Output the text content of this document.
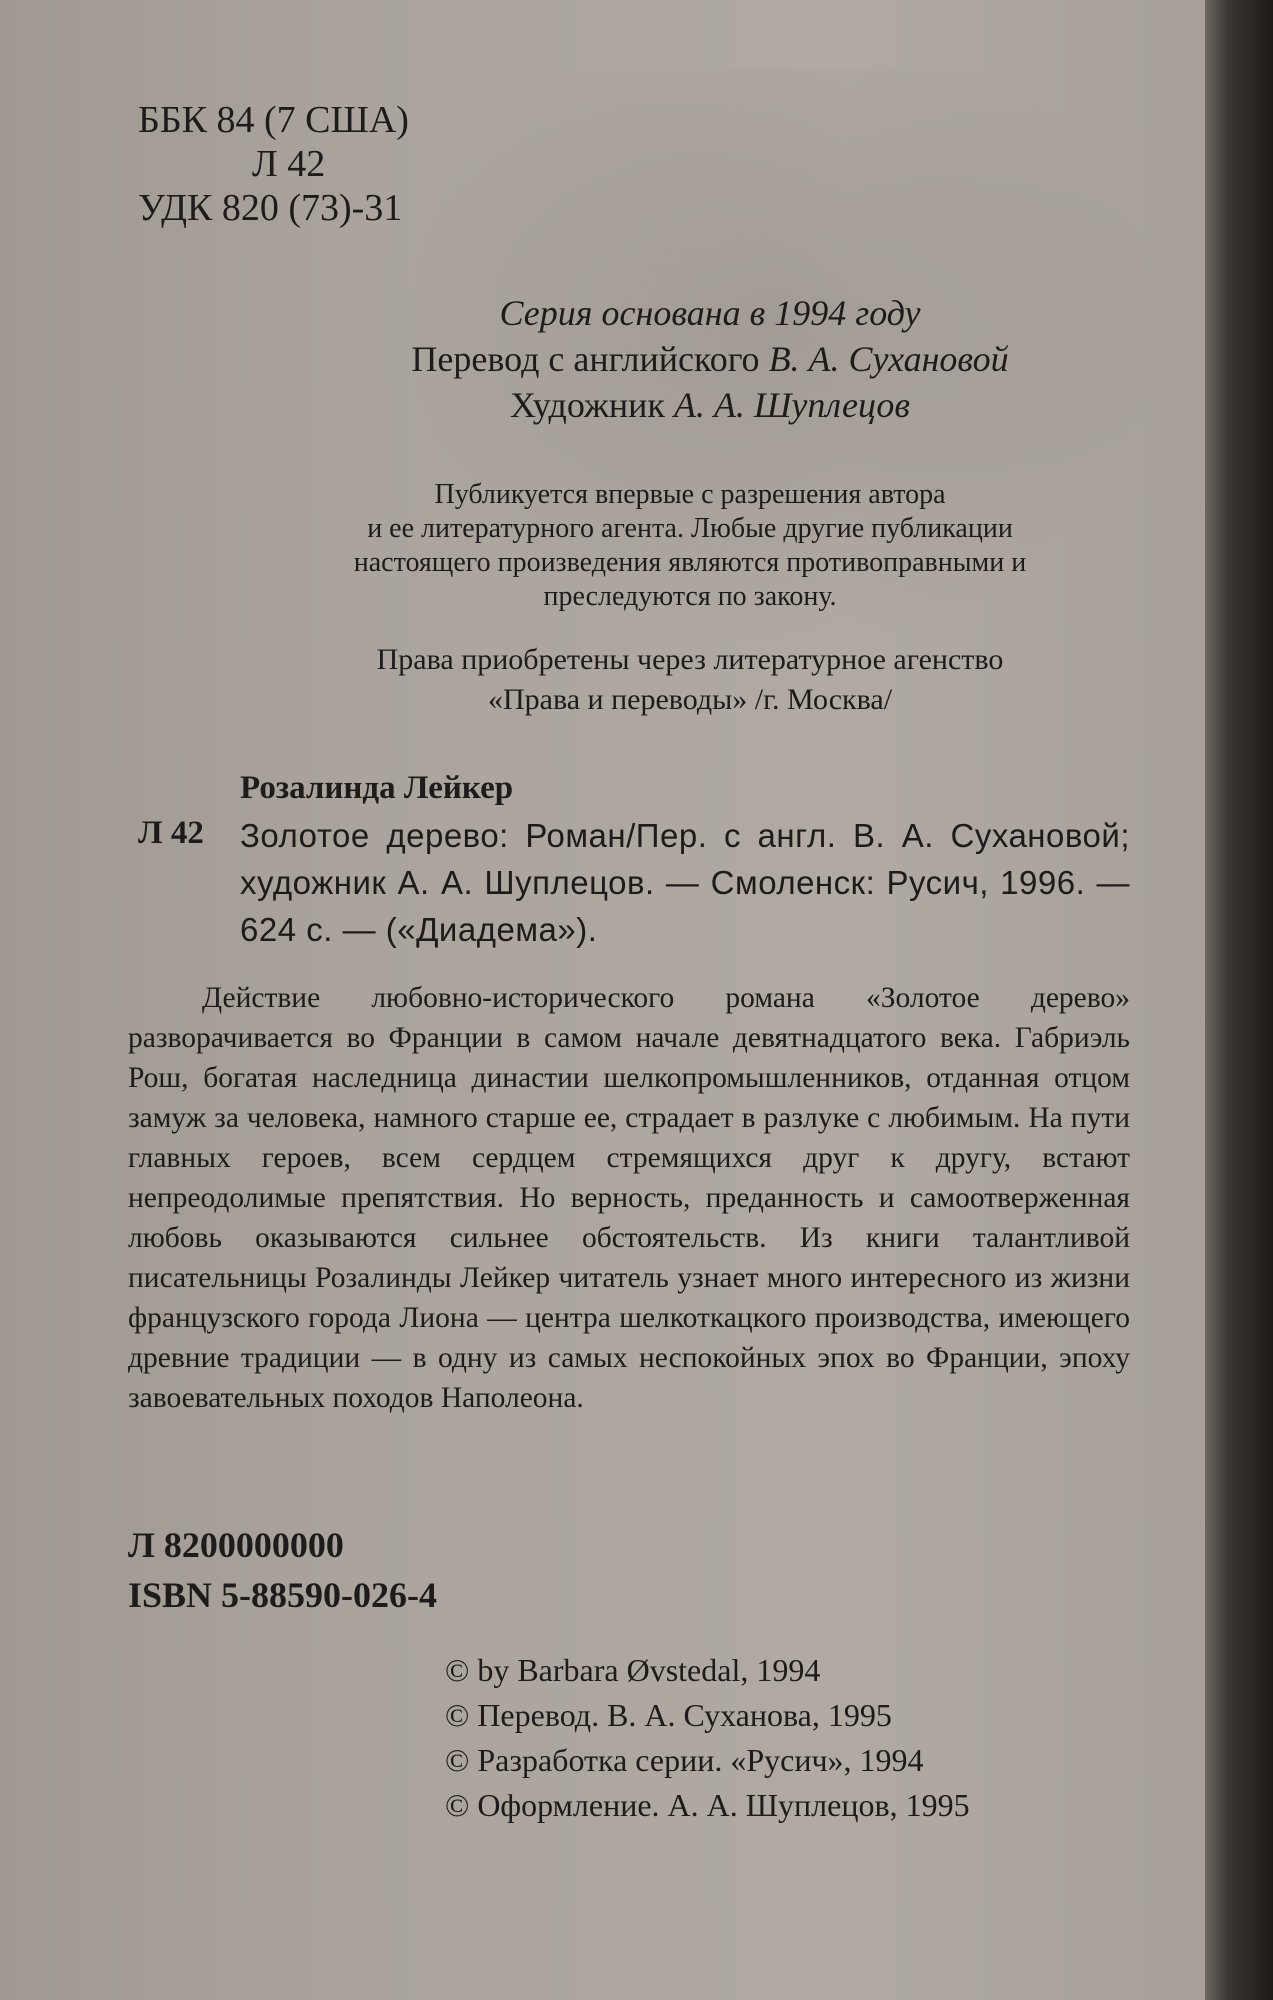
ББК 84 (7 США)
Л 42
УДК 820 (73)-31
Серия основана в 1994 году
Перевод с английского В. А. Сухановой
Художник А. А. Шуплецов
Публикуется впервые с разрешения автора
и ее литературного агента. Любые другие публикации
настоящего произведения являются противоправными и
преследуются по закону.
Права приобретены через литературное агенство
«Права и переводы» /г. Москва/
Розалинда Лейкер
Л 42 Золотое дерево: Роман/Пер. с англ. В. А. Сухановой; художник А. А. Шуплецов. — Смоленск: Русич, 1996. — 624 с. — («Диадема»).
Действие любовно-исторического романа «Золотое дерево» разворачивается во Франции в самом начале девятнадцатого века. Габриэль Рош, богатая наследница династии шелкопромышленников, отданная отцом замуж за человека, намного старше ее, страдает в разлуке с любимым. На пути главных героев, всем сердцем стремящихся друг к другу, встают непреодолимые препятствия. Но верность, преданность и самоотверженная любовь оказываются сильнее обстоятельств. Из книги талантливой писательницы Розалинды Лейкер читатель узнает много интересного из жизни французского города Лиона — центра шелкоткацкого производства, имеющего древние традиции — в одну из самых неспокойных эпох во Франции, эпоху завоевательных походов Наполеона.
Л 8200000000
ISBN 5-88590-026-4
© by Barbara Øvstedal, 1994
© Перевод. В. А. Суханова, 1995
© Разработка серии. «Русич», 1994
© Оформление. А. А. Шуплецов, 1995
